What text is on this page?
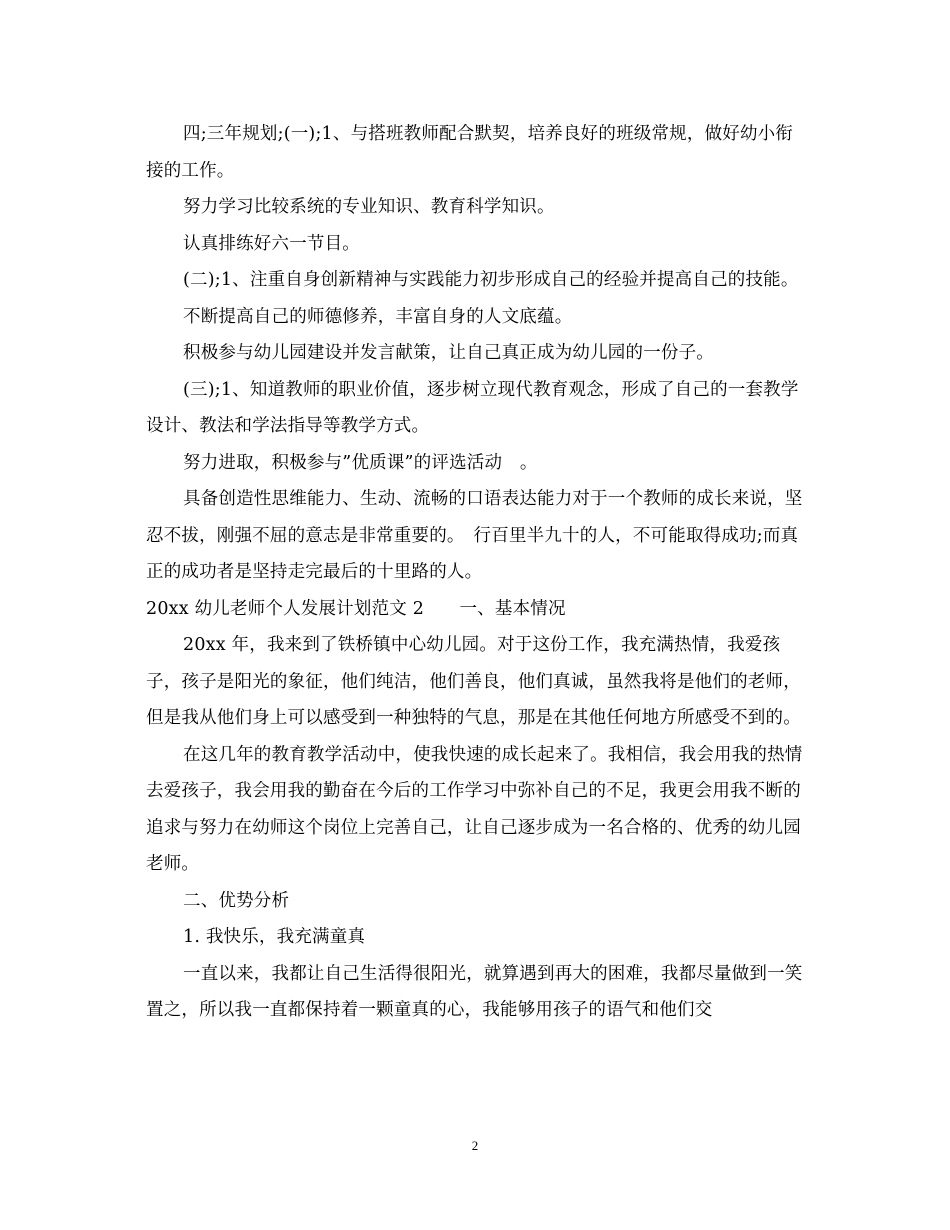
四;三年规划;(一);1、与搭班教师配合默契，培养良好的班级常规，做好幼小衔接的工作。

努力学习比较系统的专业知识、教育科学知识。

认真排练好六一节目。

(二);1、注重自身创新精神与实践能力初步形成自己的经验并提高自己的技能。

不断提高自己的师德修养，丰富自身的人文底蕴。

积极参与幼儿园建设并发言献策，让自己真正成为幼儿园的一份子。

(三);1、知道教师的职业价值，逐步树立现代教育观念，形成了自己的一套教学设计、教法和学法指导等教学方式。

努力进取，积极参与”优质课”的评选活动　。

具备创造性思维能力、生动、流畅的口语表达能力对于一个教师的成长来说，坚忍不拔，刚强不屈的意志是非常重要的。　行百里半九十的人，不可能取得成功;而真正的成功者是坚持走完最后的十里路的人。

20xx 幼儿老师个人发展计划范文 2　　一、基本情况

20xx 年，我来到了铁桥镇中心幼儿园。对于这份工作，我充满热情，我爱孩子，孩子是阳光的象征，他们纯洁，他们善良，他们真诚，虽然我将是他们的老师，但是我从他们身上可以感受到一种独特的气息，那是在其他任何地方所感受不到的。

在这几年的教育教学活动中，使我快速的成长起来了。我相信，我会用我的热情去爱孩子，我会用我的勤奋在今后的工作学习中弥补自己的不足，我更会用我不断的追求与努力在幼师这个岗位上完善自己，让自己逐步成为一名合格的、优秀的幼儿园老师。

二、优势分析

1. 我快乐，我充满童真

一直以来，我都让自己生活得很阳光，就算遇到再大的困难，我都尽量做到一笑置之，所以我一直都保持着一颗童真的心，我能够用孩子的语气和他们交

2
